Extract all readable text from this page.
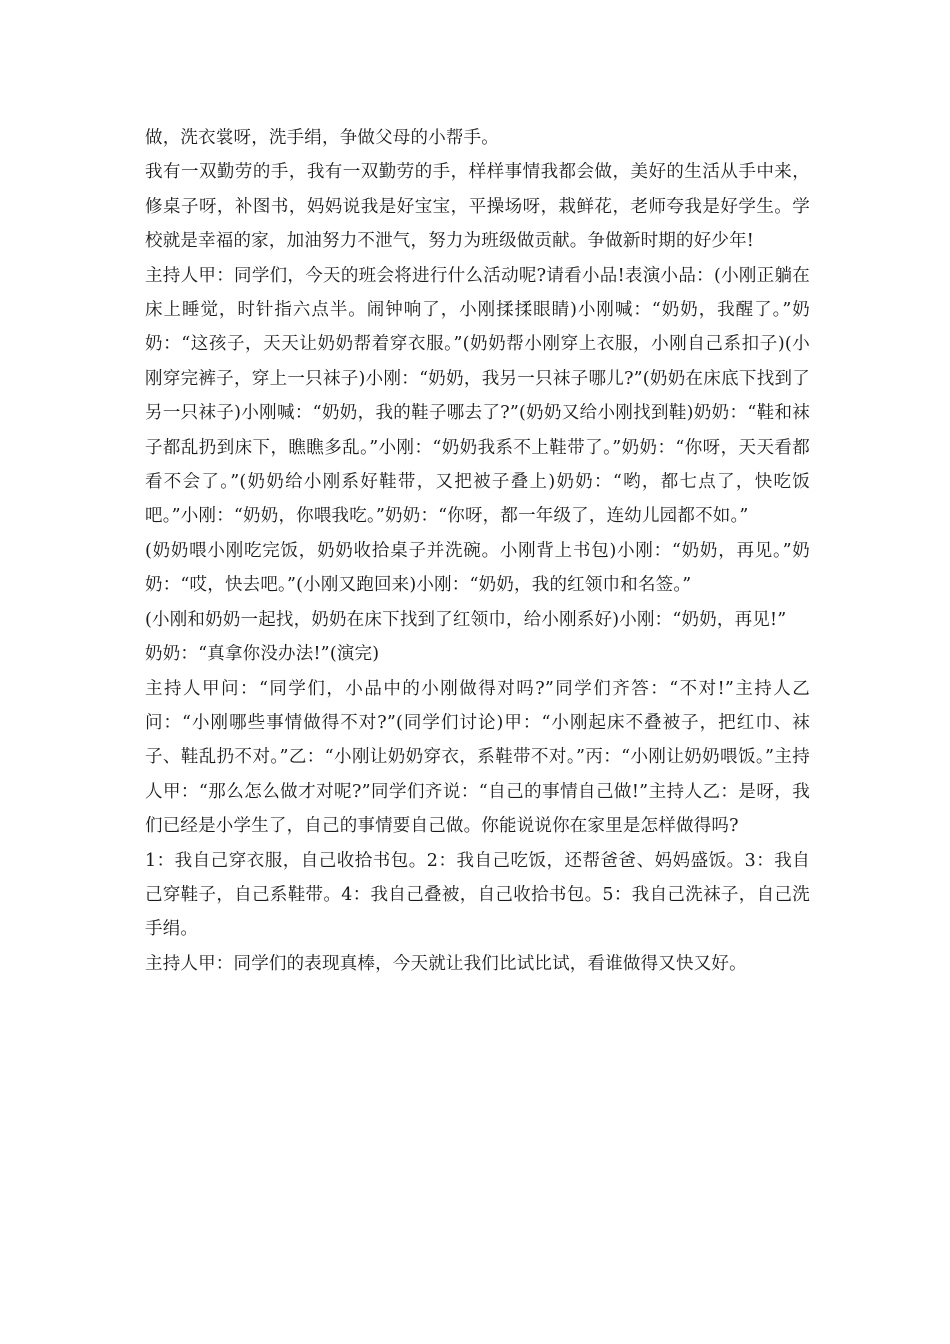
做，洗衣裳呀，洗手绢，争做父母的小帮手。

我有一双勤劳的手，我有一双勤劳的手，样样事情我都会做，美好的生活从手中来，修桌子呀，补图书，妈妈说我是好宝宝，平操场呀，栽鲜花，老师夸我是好学生。学校就是幸福的家，加油努力不泄气，努力为班级做贡献。争做新时期的好少年!

主持人甲：同学们，今天的班会将进行什么活动呢?请看小品!表演小品：(小刚正躺在床上睡觉，时针指六点半。闹钟响了，小刚揉揉眼睛)小刚喊：“奶奶，我醒了。”奶奶：“这孩子，天天让奶奶帮着穿衣服。”(奶奶帮小刚穿上衣服，小刚自己系扣子)(小刚穿完裤子，穿上一只袜子)小刚：“奶奶，我另一只袜子哪儿?”(奶奶在床底下找到了另一只袜子)小刚喊：“奶奶，我的鞋子哪去了?”(奶奶又给小刚找到鞋)奶奶：“鞋和袜子都乱扔到床下，瞧瞧多乱。”小刚：“奶奶我系不上鞋带了。”奶奶：“你呀，天天看都看不会了。”(奶奶给小刚系好鞋带，又把被子叠上)奶奶：“哟，都七点了，快吃饭吧。”小刚：“奶奶，你喂我吃。”奶奶：“你呀，都一年级了，连幼儿园都不如。”

(奶奶喂小刚吃完饭，奶奶收拾桌子并洗碗。小刚背上书包)小刚：“奶奶，再见。”奶奶：“哎，快去吧。”(小刚又跑回来)小刚：“奶奶，我的红领巾和名签。”

(小刚和奶奶一起找，奶奶在床下找到了红领巾，给小刚系好)小刚：“奶奶，再见!”

奶奶：“真拿你没办法!”(演完)

主持人甲问：“同学们，小品中的小刚做得对吗?”同学们齐答：“不对!”主持人乙问：“小刚哪些事情做得不对?”(同学们讨论)甲：“小刚起床不叠被子，把红巾、袜子、鞋乱扔不对。”乙：“小刚让奶奶穿衣，系鞋带不对。”丙：“小刚让奶奶喂饭。”主持人甲：“那么怎么做才对呢?”同学们齐说：“自己的事情自己做!”主持人乙：是呀，我们已经是小学生了，自己的事情要自己做。你能说说你在家里是怎样做得吗?

1：我自己穿衣服，自己收拾书包。2：我自己吃饭，还帮爸爸、妈妈盛饭。3：我自己穿鞋子，自己系鞋带。4：我自己叠被，自己收拾书包。5：我自己洗袜子，自己洗手绢。

主持人甲：同学们的表现真棒，今天就让我们比试比试，看谁做得又快又好。
